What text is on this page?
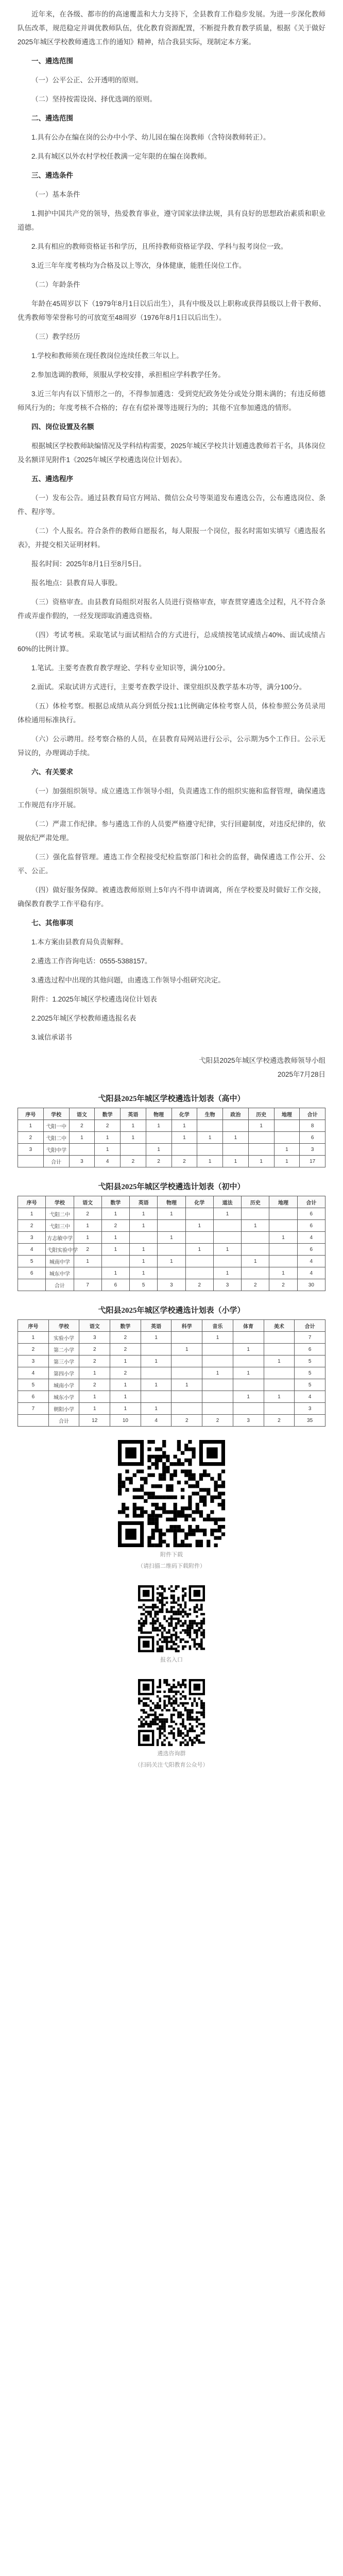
近年来，在各级、都市的的高速覆盖和大力支持下，全县教育工作稳步发展。为进一步深化教师队伍改革，规范稳定并调优教师队伍，优化教育资源配置，不断提升教育教学质量，根据《关于做好2025年城区学校教师遴选工作的通知》精神，结合我县实际，现制定本方案。

一、遴选范围

（一）公平公正、公开透明的原则。

（二）坚持按需设岗、择优选调的原则。

二、遴选范围

1.具有公办在编在岗的公办中小学、幼儿园在编在岗教师（含特岗教师转正）。

2.具有城区以外农村学校任教满一定年限的在编在岗教师。

三、遴选条件

（一）基本条件

1.拥护中国共产党的领导，热爱教育事业，遵守国家法律法规，具有良好的思想政治素质和职业道德。

2.具有相应的教师资格证书和学历，且所持教师资格证学段、学科与报考岗位一致。

3.近三年年度考核均为合格及以上等次，身体健康，能胜任岗位工作。

（二）年龄条件

年龄在45周岁以下（1979年8月1日以后出生），具有中级及以上职称或获得县级以上骨干教师、优秀教师等荣誉称号的可放宽至48周岁（1976年8月1日以后出生）。

（三）教学经历

1.学校和教师须在现任教岗位连续任教三年以上。

2.参加选调的教师，须服从学校安排，承担相应学科教学任务。

3.近三年内有以下情形之一的，不得参加遴选：受到党纪政务处分或处分期未满的；有违反师德师风行为的；年度考核不合格的；存在有偿补课等违规行为的；其他不宜参加遴选的情形。

四、岗位设置及名额

根据城区学校教师缺编情况及学科结构需要，2025年城区学校共计划遴选教师若干名，具体岗位及名额详见附件1《2025年城区学校遴选岗位计划表》。

五、遴选程序

（一）发布公告。通过县教育局官方网站、微信公众号等渠道发布遴选公告，公布遴选岗位、条件、程序等。

（二）个人报名。符合条件的教师自愿报名，每人限报一个岗位，报名时需如实填写《遴选报名表》，并提交相关证明材料。

报名时间：2025年8月1日至8月5日。

报名地点：县教育局人事股。

（三）资格审查。由县教育局组织对报名人员进行资格审查，审查贯穿遴选全过程，凡不符合条件或弄虚作假的，一经发现即取消遴选资格。

（四）考试考核。采取笔试与面试相结合的方式进行，总成绩按笔试成绩占40%、面试成绩占60%的比例计算。

1.笔试。主要考查教育教学理论、学科专业知识等，满分100分。

2.面试。采取试讲方式进行，主要考查教学设计、课堂组织及教学基本功等，满分100分。

（五）体检考察。根据总成绩从高分到低分按1:1比例确定体检考察人员，体检参照公务员录用体检通用标准执行。

（六）公示聘用。经考察合格的人员，在县教育局网站进行公示，公示期为5个工作日。公示无异议的，办理调动手续。

六、有关要求

（一）加强组织领导。成立遴选工作领导小组，负责遴选工作的组织实施和监督管理，确保遴选工作规范有序开展。

（二）严肃工作纪律。参与遴选工作的人员要严格遵守纪律，实行回避制度，对违反纪律的，依规依纪严肃处理。

（三）强化监督管理。遴选工作全程接受纪检监察部门和社会的监督，确保遴选工作公开、公平、公正。

（四）做好服务保障。被遴选教师原则上5年内不得申请调离，所在学校要及时做好工作交接，确保教育教学工作平稳有序。

七、其他事项

1.本方案由县教育局负责解释。

2.遴选工作咨询电话：0555-5388157。

3.遴选过程中出现的其他问题，由遴选工作领导小组研究决定。

附件：1.2025年城区学校遴选岗位计划表

2.2025年城区学校教师遴选报名表

3.诚信承诺书

弋阳县2025年城区学校遴选教师领导小组

2025年7月28日

弋阳县2025年城区学校遴选计划表（高中）
序号	学校	语文	数学	英语	物理	化学	生物	政治	历史	地理	合计
1	弋阳一中	2	2	1	1	1			1		8
2	弋阳二中	1	1	1		1	1	1			6
3	弋阳中学		1		1					1	3
	合计	3	4	2	2	2	1	1	1	1	17
弋阳县2025年城区学校遴选计划表（初中）
序号	学校	语文	数学	英语	物理	化学	道法	历史	地理	合计
1	弋阳二中	2	1	1	1		1			6
2	弋阳三中	1	2	1		1		1		6
3	方志敏中学	1	1		1				1	4
4	弋阳实验中学	2	1	1		1	1			6
5	城南中学	1		1	1			1		4
6	城东中学		1	1			1		1	4
	合计	7	6	5	3	2	3	2	2	30
弋阳县2025年城区学校遴选计划表（小学）
序号	学校	语文	数学	英语	科学	音乐	体育	美术	合计
1	实验小学	3	2	1		1			7
2	第二小学	2	2		1		1		6
3	第三小学	2	1	1				1	5
4	第四小学	1	2			1	1		5
5	城南小学	2	1	1	1				5
6	城东小学	1	1				1	1	4
7	朝阳小学	1	1	1					3
	合计	12	10	4	2	2	3	2	35
附件下载
（请扫描二维码下载附件）
报名入口
遴选咨询群
（扫码关注弋阳教育公众号）
